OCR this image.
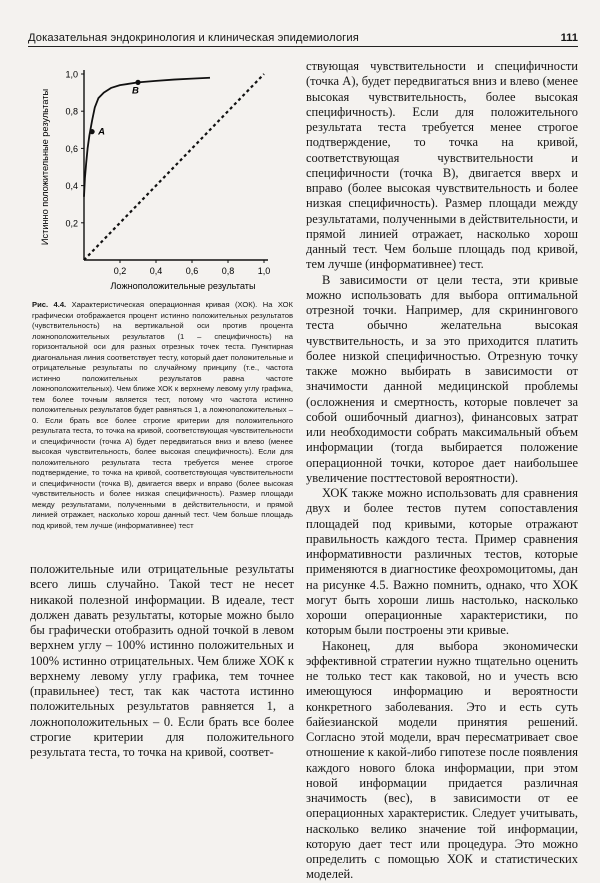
Доказательная эндокринология и клиническая эпидемиология	111
0,2
0,2
0,4
0,4
0,6
0,6
0,8
0,8
1,0
1,0
Ложноположительные результаты
Истинно положительные результаты	A
B
Рис. 4.4. Характеристическая операционная кривая (ХОК). На ХОК графически отображается процент истинно положительных результатов (чувствительность) на вертикальной оси против процента ложноположительных результатов (1 – специфичность) на горизонтальной оси для разных отрезных точек теста. Пунктирная диагональная линия соответствует тесту, который дает положительные и отрицательные результаты по случайному принципу (т.е., частота истинно положительных результатов равна частоте ложноположительных). Чем ближе ХОК к верхнему левому углу графика, тем более точным является тест, потому что частота истинно положительных результатов будет равняться 1, а ложноположительных – 0. Если брать все более строгие критерии для положительного результата теста, то точка на кривой, соответствующая чувствительности и специфичности (точка А) будет передвигаться вниз и влево (менее высокая чувствительность, более высокая специфичность). Если для положительного результата теста требуется менее строгое подтверждение, то точка на кривой, соответствующая чувствительности и специфичности (точка В), двигается вверх и вправо (более высокая чувствительность и более низкая специфичность). Размер площади между результатами, полученными в действительности, и прямой линией отражает, насколько хорош данный тест. Чем больше площадь под кривой, тем лучше (информативнее) тест

ствующая чувствительности и специфичности (точка А), будет передвигаться вниз и влево (менее высокая чувствительность, более высокая специфичность). Если для положительного результата теста требуется менее строгое подтверждение, то точка на кривой, соответствующая чувствительности и специфичности (точка В), двигается вверх и вправо (более высокая чувствительность и более низкая специфичность). Размер площади между результатами, полученными в действительности, и прямой линией отражает, насколько хорош данный тест. Чем больше площадь под кривой, тем лучше (информативнее) тест.

В зависимости от цели теста, эти кривые можно использовать для выбора оптимальной отрезной точки. Например, для скринингового теста обычно желательна высокая чувствительность, и за это приходится платить более низкой специфичностью. Отрезную точку также можно выбирать в зависимости от значимости данной медицинской проблемы (осложнения и смертность, которые повлечет за собой ошибочный диагноз), финансовых затрат или необходимости собрать максимальный объем информации (тогда выбирается положение операционной точки, которое дает наибольшее увеличение посттестовой вероятности).

ХОК также можно использовать для сравнения двух и более тестов путем сопоставления площадей под кривыми, которые отражают правильность каждого теста. Пример сравнения информативности различных тестов, которые применяются в диагностике феохромоцитомы, дан на рисунке 4.5. Важно помнить, однако, что ХОК могут быть хороши лишь настолько, насколько хороши операционные характеристики, по которым были построены эти кривые.

Наконец, для выбора экономически эффективной стратегии нужно тщательно оценить не только тест как таковой, но и учесть всю имеющуюся информацию и вероятности конкретного заболевания. Это и есть суть байезианской модели принятия решений. Согласно этой модели, врач пересматривает свое отношение к какой-либо гипотезе после появления каждого нового блока информации, при этом новой информации придается различная значимость (вес), в зависимости от ее операционных характеристик. Следует учитывать, насколько велико значение той информации, которую дает тест или процедура. Это можно определить с помощью ХОК и статистических моделей.

положительные или отрицательные результаты всего лишь случайно. Такой тест не несет никакой полезной информации. В идеале, тест должен давать результаты, которые можно было бы графически отобразить одной точкой в левом верхнем углу – 100% истинно положительных и 100% истинно отрицательных. Чем ближе ХОК к верхнему левому углу графика, тем точнее (правильнее) тест, так как частота истинно положительных результатов равняется 1, а ложноположительных – 0. Если брать все более строгие критерии для положительного результата теста, то точка на кривой, соответ-
